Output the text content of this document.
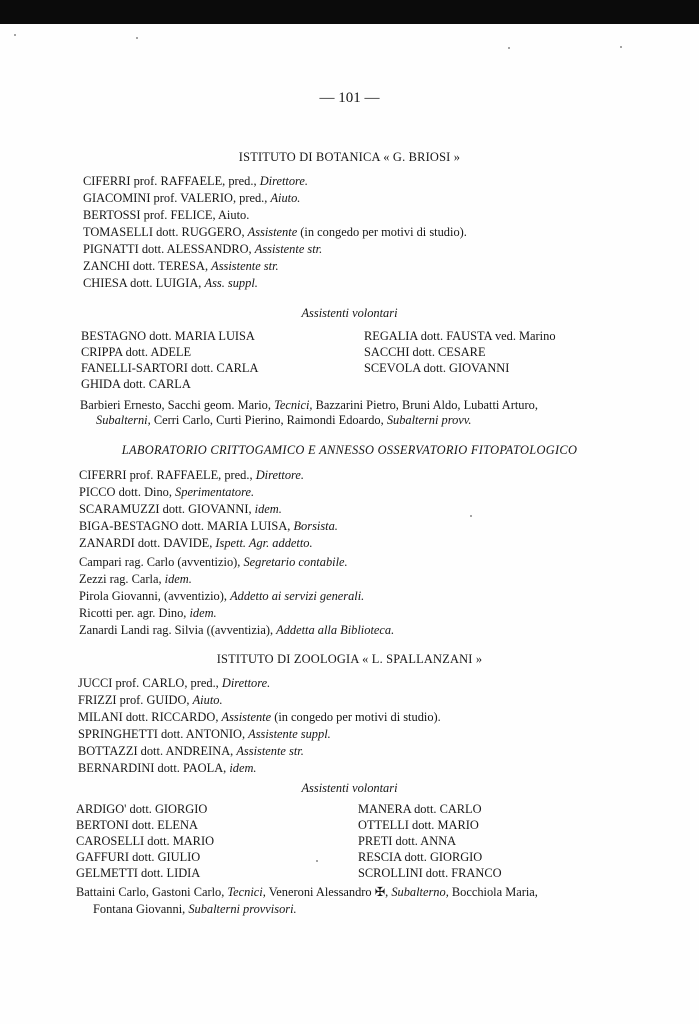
— 101 —
ISTITUTO DI BOTANICA « G. BRIOSI »
CIFERRI prof. RAFFAELE, pred., Direttore.
GIACOMINI prof. VALERIO, pred., Aiuto.
BERTOSSI prof. FELICE, Aiuto.
TOMASELLI dott. RUGGERO, Assistente (in congedo per motivi di studio).
PIGNATTI dott. ALESSANDRO, Assistente str.
ZANCHI dott. TERESA, Assistente str.
CHIESA dott. LUIGIA, Ass. suppl.
Assistenti volontari
BESTAGNO dott. MARIA LUISA
CRIPPA dott. ADELE
FANELLI-SARTORI dott. CARLA
GHIDA dott. CARLA
REGALIA dott. FAUSTA ved. Marino
SACCHI dott. CESARE
SCEVOLA dott. GIOVANNI
Barbieri Ernesto, Sacchi geom. Mario, Tecnici, Bazzarini Pietro, Bruni Aldo, Lubatti Arturo,
Subalterni, Cerri Carlo, Curti Pierino, Raimondi Edoardo, Subalterni provv.
LABORATORIO CRITTOGAMICO E ANNESSO OSSERVATORIO FITOPATOLOGICO
CIFERRI prof. RAFFAELE, pred., Direttore.
PICCO dott. Dino, Sperimentatore.
SCARAMUZZI dott. GIOVANNI, idem.
BIGA-BESTAGNO dott. MARIA LUISA, Borsista.
ZANARDI dott. DAVIDE, Ispett. Agr. addetto.
Campari rag. Carlo (avventizio), Segretario contabile.
Zezzi rag. Carla, idem.
Pirola Giovanni, (avventizio), Addetto ai servizi generali.
Ricotti per. agr. Dino, idem.
Zanardi Landi rag. Silvia ((avventizia), Addetta alla Biblioteca.
ISTITUTO DI ZOOLOGIA « L. SPALLANZANI »
JUCCI prof. CARLO, pred., Direttore.
FRIZZI prof. GUIDO, Aiuto.
MILANI dott. RICCARDO, Assistente (in congedo per motivi di studio).
SPRINGHETTI dott. ANTONIO, Assistente suppl.
BOTTAZZI dott. ANDREINA, Assistente str.
BERNARDINI dott. PAOLA, idem.
Assistenti volontari
ARDIGO' dott. GIORGIO
BERTONI dott. ELENA
CAROSELLI dott. MARIO
GAFFURI dott. GIULIO
GELMETTI dott. LIDIA
MANERA dott. CARLO
OTTELLI dott. MARIO
PRETI dott. ANNA
RESCIA dott. GIORGIO
SCROLLINI dott. FRANCO
Battaini Carlo, Gastoni Carlo, Tecnici, Veneroni Alessandro ✠, Subalterno, Bocchiola Maria,
Fontana Giovanni, Subalterni provvisori.
